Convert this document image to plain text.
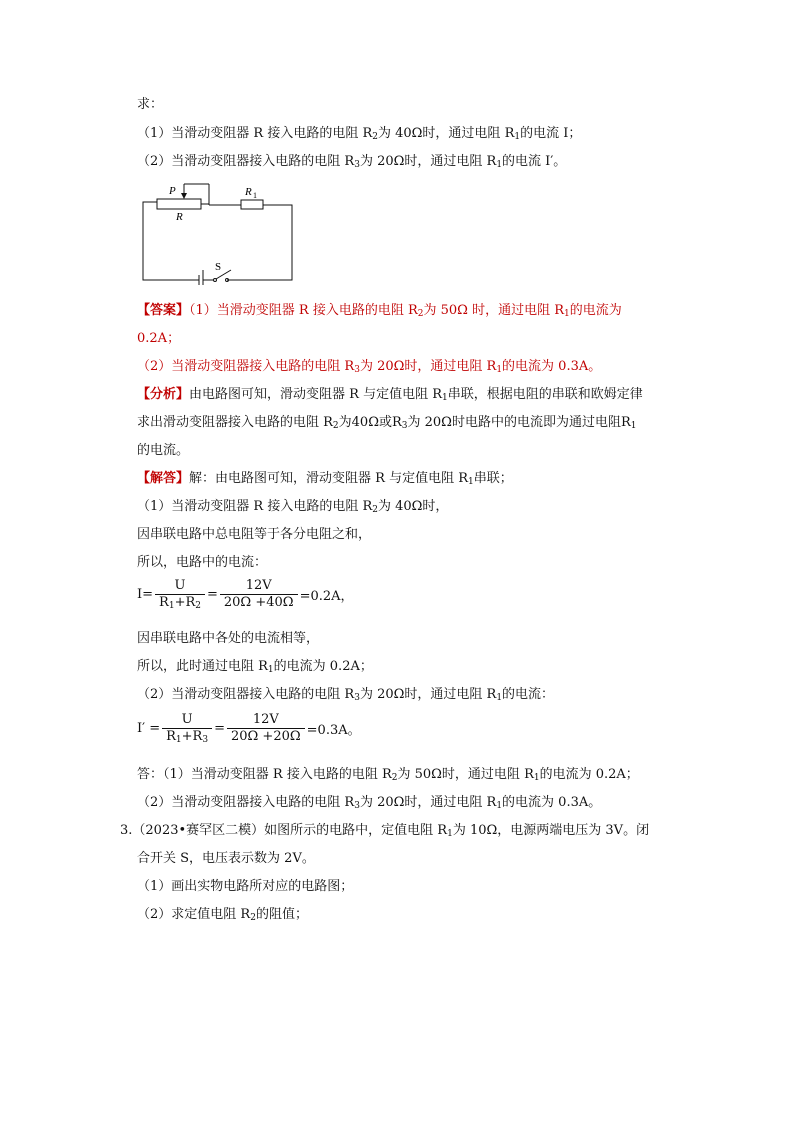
求：
（1）当滑动变阻器 R 接入电路的电阻 $R_2$为 40Ω时，通过电阻 $R_1$的电流 I；
（2）当滑动变阻器接入电路的电阻 $R_3$为 20Ω时，通过电阻 $R_1$的电流 I′。
P
R
R 1
S
【答案】（1）当滑动变阻器 R 接入电路的电阻 $R_2$为 50Ω 时，通过电阻 $R_1$的电流为
0.2A；
（2）当滑动变阻器接入电路的电阻 $R_3$为 20Ω时，通过电阻 $R_1$的电流为 0.3A。
【分析】由电路图可知，滑动变阻器 R 与定值电阻 $R_1$串联，根据电阻的串联和欧姆定律
求出滑动变阻器接入电路的电阻 $R_2$为40Ω或$R_3$为 20Ω时电路中的电流即为通过电阻$R_1$
的电流。
【解答】解：由电路图可知，滑动变阻器 R 与定值电阻 $R_1$串联；
（1）当滑动变阻器 R 接入电路的电阻 $R_2$为 40Ω时，
因串联电路中总电阻等于各分电阻之和，
所以，电路中的电流：
$I= \frac{U}{R_1+R_2} = \frac{12V}{20\Omega +40\Omega} =0.2A$，
因串联电路中各处的电流相等，
所以，此时通过电阻 $R_1$的电流为 0.2A；
（2）当滑动变阻器接入电路的电阻 $R_3$为 20Ω时，通过电阻 $R_1$的电流：
$I' = \frac{U}{R_1+R_3} = \frac{12V}{20\Omega +20\Omega} =0.3A$。
答：（1）当滑动变阻器 R 接入电路的电阻 $R_2$为 50Ω时，通过电阻 $R_1$的电流为 0.2A；
（2）当滑动变阻器接入电路的电阻 $R_3$为 20Ω时，通过电阻 $R_1$的电流为 0.3A。
3.（2023•赛罕区二模）如图所示的电路中，定值电阻 $R_1$为 10Ω，电源两端电压为 3V。闭
合开关 S，电压表示数为 2V。
（1）画出实物电路所对应的电路图；
（2）求定值电阻 $R_2$的阻值；
